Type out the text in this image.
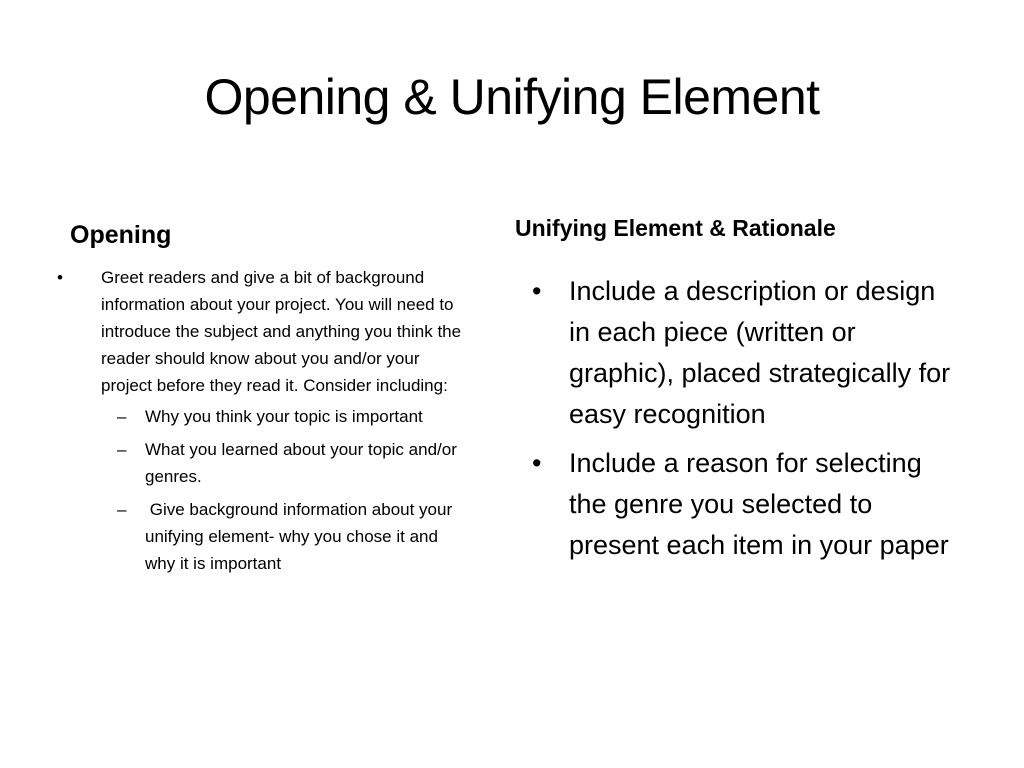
Opening & Unifying Element
Opening	Unifying Element & Rationale
•	Greet readers and give a bit of background information about your project. You will need to introduce the subject and anything you think the reader should know about you and/or your project before they read it. Consider including:
– Why you think your topic is important
– What you learned about your topic and/or genres.
– Give background information about your unifying element- why you chose it and why it is important
• Include a description or design in each piece (written or graphic), placed strategically for easy recognition
• Include a reason for selecting the genre you selected to present each item in your paper
